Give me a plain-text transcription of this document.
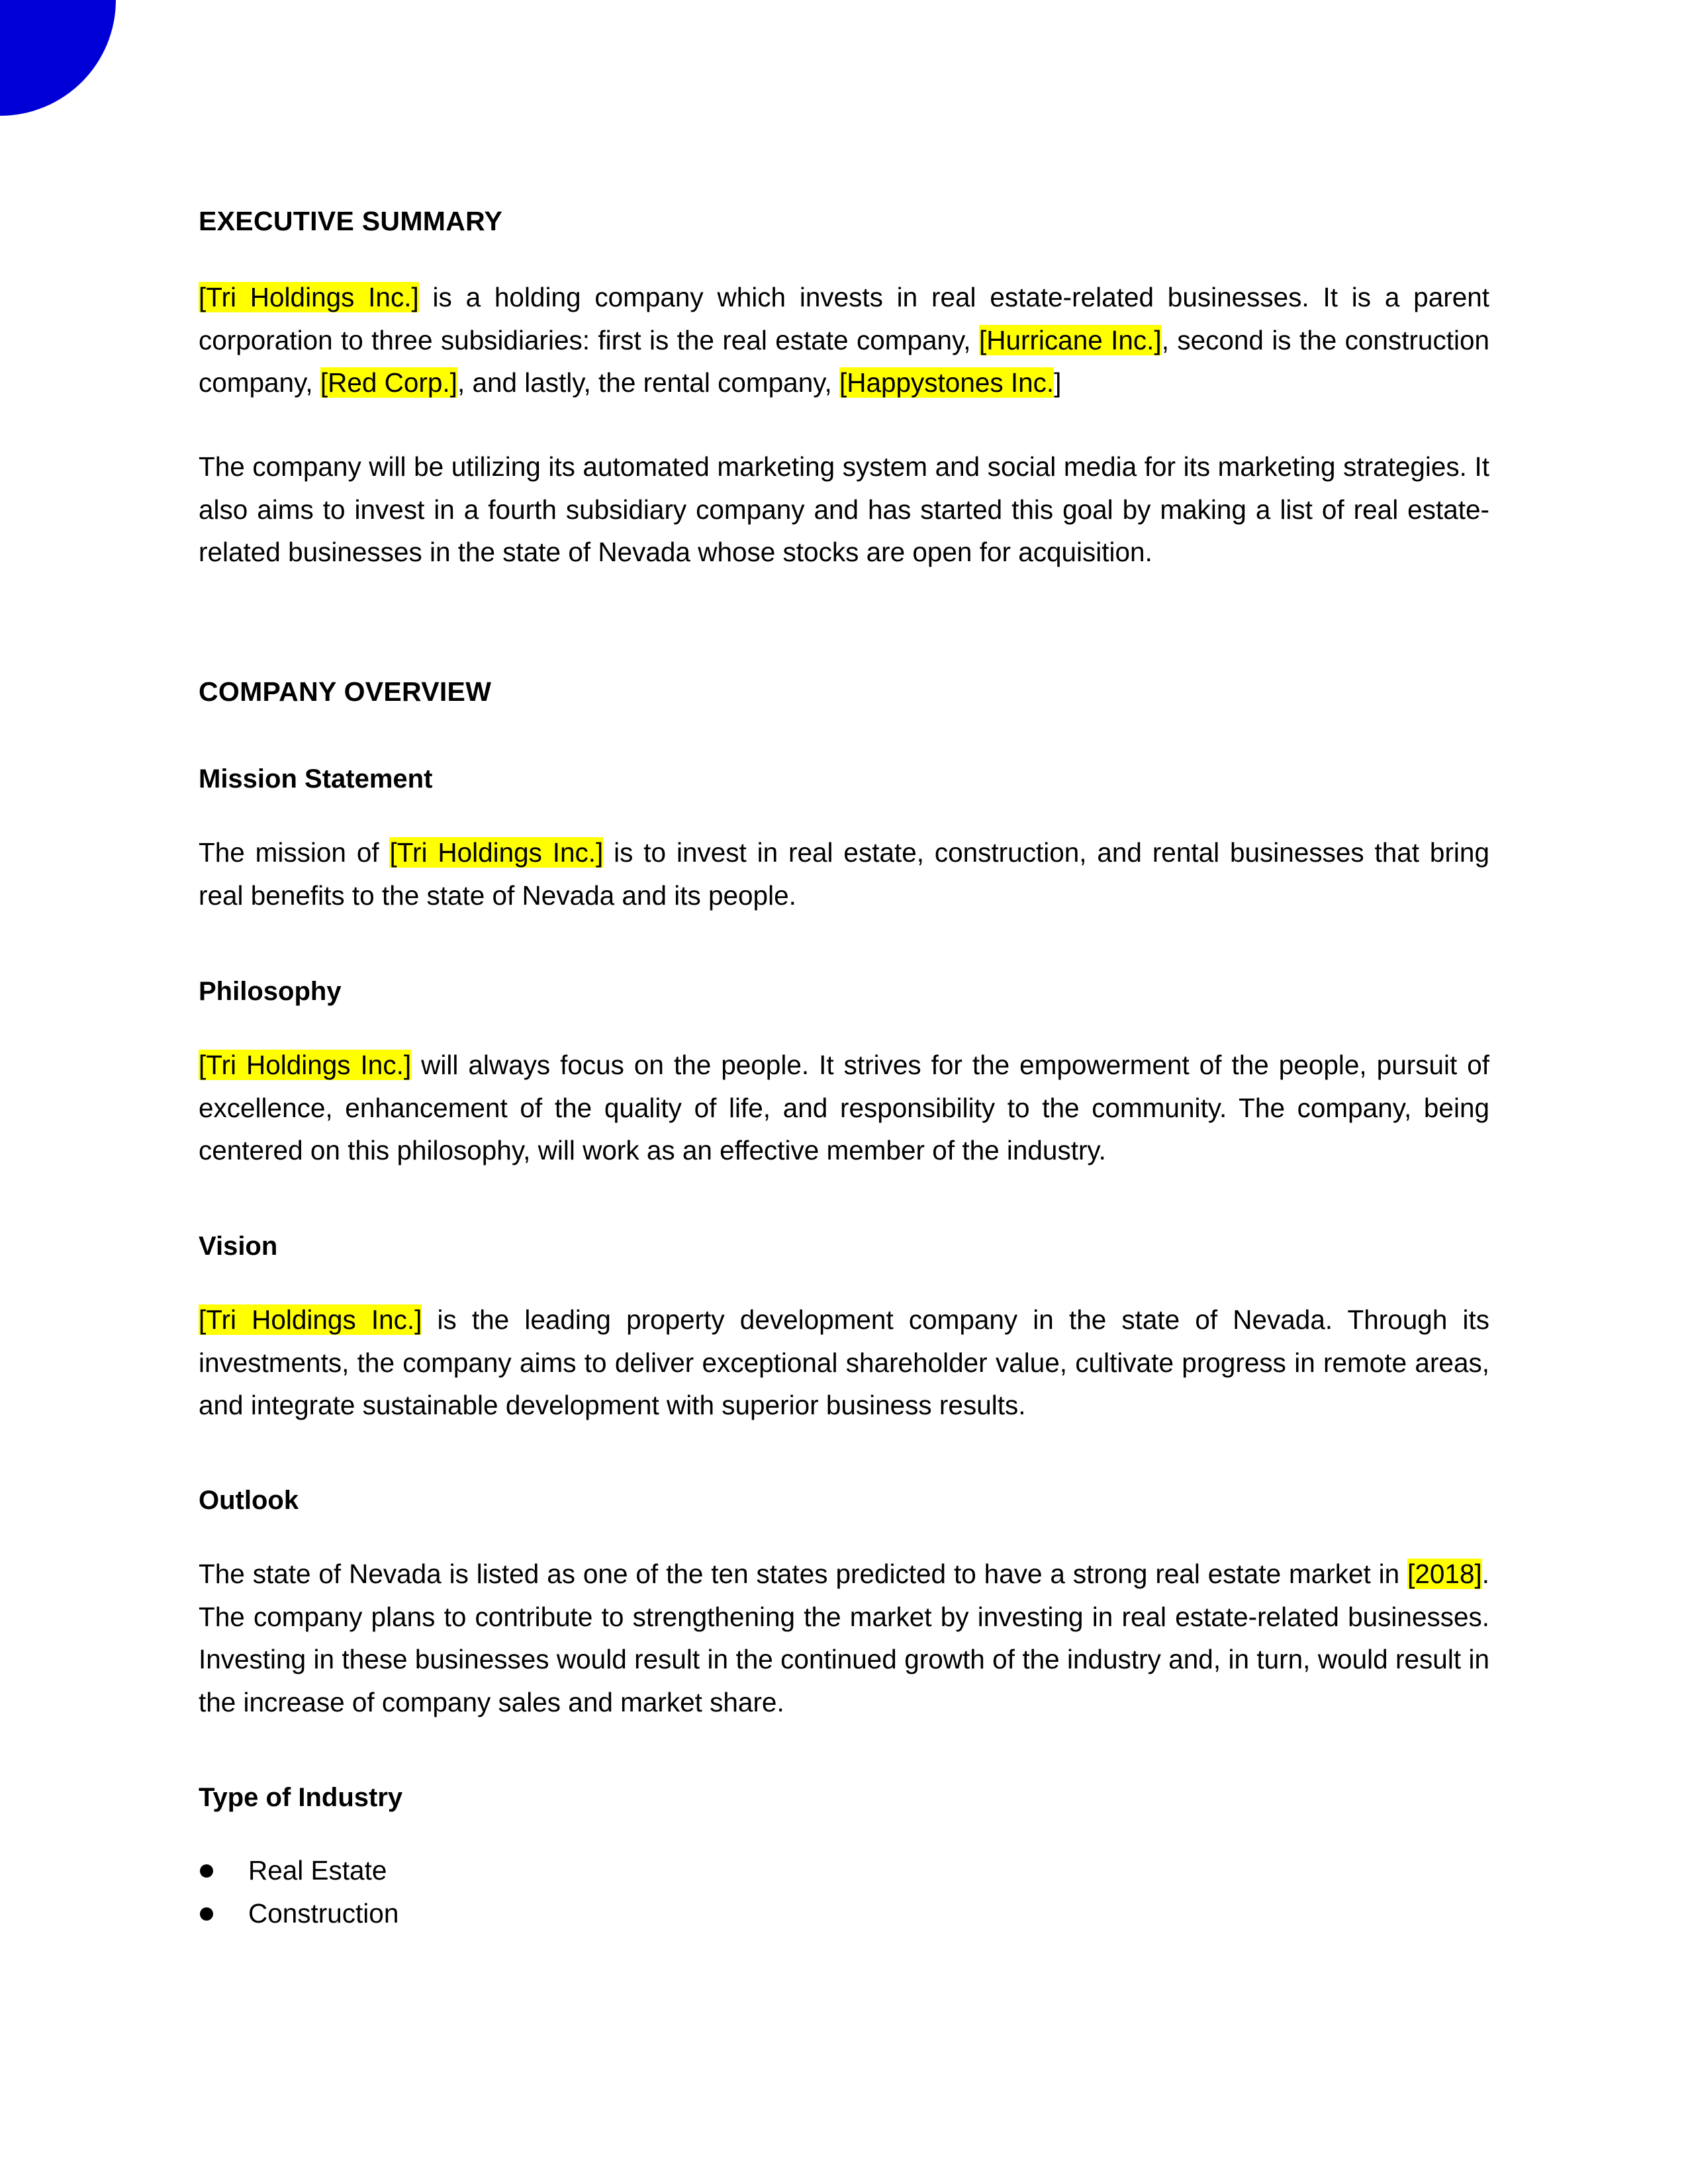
EXECUTIVE SUMMARY

[Tri Holdings Inc.] is a holding company which invests in real estate-related businesses. It is a parent corporation to three subsidiaries: first is the real estate company, [Hurricane Inc.], second is the construction company, [Red Corp.], and lastly, the rental company, [Happystones Inc.]

The company will be utilizing its automated marketing system and social media for its marketing strategies. It also aims to invest in a fourth subsidiary company and has started this goal by making a list of real estate-related businesses in the state of Nevada whose stocks are open for acquisition.

COMPANY OVERVIEW
Mission Statement

The mission of [Tri Holdings Inc.] is to invest in real estate, construction, and rental businesses that bring real benefits to the state of Nevada and its people.

Philosophy

[Tri Holdings Inc.] will always focus on the people. It strives for the empowerment of the people, pursuit of excellence, enhancement of the quality of life, and responsibility to the community. The company, being centered on this philosophy, will work as an effective member of the industry.

Vision

[Tri Holdings Inc.] is the leading property development company in the state of Nevada. Through its investments, the company aims to deliver exceptional shareholder value, cultivate progress in remote areas, and integrate sustainable development with superior business results.

Outlook

The state of Nevada is listed as one of the ten states predicted to have a strong real estate market in [2018]. The company plans to contribute to strengthening the market by investing in real estate-related businesses. Investing in these businesses would result in the continued growth of the industry and, in turn, would result in the increase of company sales and market share.

Type of Industry
Real Estate
Construction
